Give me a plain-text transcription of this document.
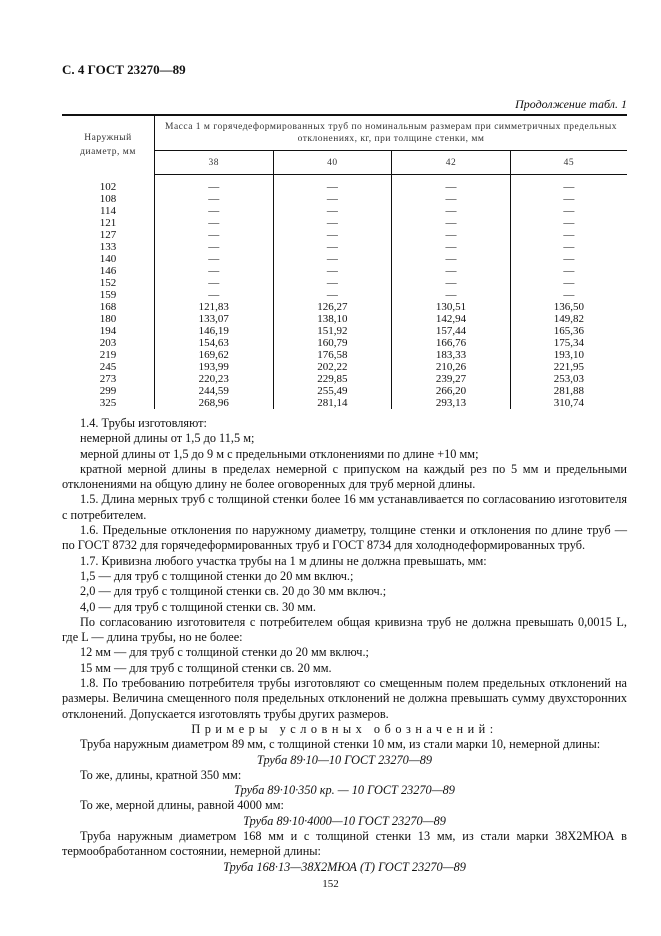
С. 4 ГОСТ 23270—89
Продолжение табл. 1
Наружный диаметр, мм	Масса 1 м горячедеформированных труб по номинальным размерам при симметричных предельных отклонениях, кг, при толщине стенки, мм			
	38	40	42	45
102	—	—	—	—
108	—	—	—	—
114	—	—	—	—
121	—	—	—	—
127	—	—	—	—
133	—	—	—	—
140	—	—	—	—
146	—	—	—	—
152	—	—	—	—
159	—	—	—	—
168	121,83	126,27	130,51	136,50
180	133,07	138,10	142,94	149,82
194	146,19	151,92	157,44	165,36
203	154,63	160,79	166,76	175,34
219	169,62	176,58	183,33	193,10
245	193,99	202,22	210,26	221,95
273	220,23	229,85	239,27	253,03
299	244,59	255,49	266,20	281,88
325	268,96	281,14	293,13	310,74

1.4. Трубы изготовляют:

немерной длины от 1,5 до 11,5 м;

мерной длины от 1,5 до 9 м с предельными отклонениями по длине +10 мм;

кратной мерной длины в пределах немерной с припуском на каждый рез по 5 мм и предельными отклонениями на общую длину не более оговоренных для труб мерной длины.

1.5. Длина мерных труб с толщиной стенки более 16 мм устанавливается по согласованию изготовителя с потребителем.

1.6. Предельные отклонения по наружному диаметру, толщине стенки и отклонения по длине труб — по ГОСТ 8732 для горячедеформированных труб и ГОСТ 8734 для холоднодеформированных труб.

1.7. Кривизна любого участка трубы на 1 м длины не должна превышать, мм:

1,5 — для труб с толщиной стенки до 20 мм включ.;

2,0 — для труб с толщиной стенки св. 20 до 30 мм включ.;

4,0 — для труб с толщиной стенки св. 30 мм.

По согласованию изготовителя с потребителем общая кривизна труб не должна превышать 0,0015 L, где L — длина трубы, но не более:

12 мм — для труб с толщиной стенки до 20 мм включ.;

15 мм — для труб с толщиной стенки св. 20 мм.

1.8. По требованию потребителя трубы изготовляют со смещенным полем предельных отклонений на размеры. Величина смещенного поля предельных отклонений не должна превышать сумму двухсторонних отклонений. Допускается изготовлять трубы других размеров.

Примеры условных обозначений:

Труба наружным диаметром 89 мм, с толщиной стенки 10 мм, из стали марки 10, немерной длины:

Труба 89·10—10 ГОСТ 23270—89

То же, длины, кратной 350 мм:

Труба 89·10·350 кр. — 10 ГОСТ 23270—89

То же, мерной длины, равной 4000 мм:

Труба 89·10·4000—10 ГОСТ 23270—89

Труба наружным диаметром 168 мм и с толщиной стенки 13 мм, из стали марки 38Х2МЮА в термообработанном состоянии, немерной длины:

Труба 168·13—38Х2МЮА (Т) ГОСТ 23270—89

152
